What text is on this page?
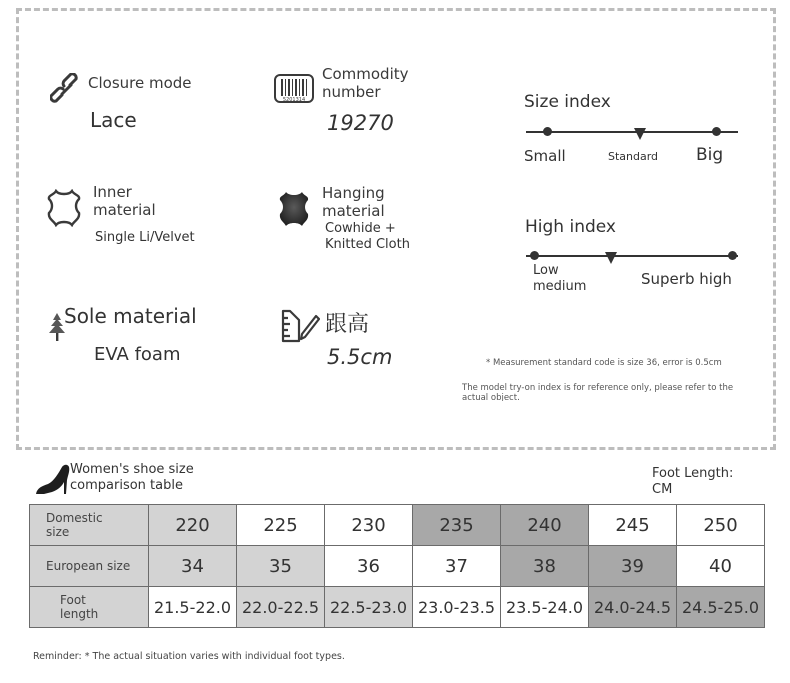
Closure mode
Lace
5201314
Commodity
number
19270
Inner
material
Single Li/Velvet
Hanging
material
Cowhide +
Knitted Cloth
Sole material
EVA foam
跟高
5.5cm
Size index
Small	Standard Big
High index
Low
medium	Superb high
* Measurement standard code is size 36, error is 0.5cm
The model try-on index is for reference only, please refer to the actual object.
Women's shoe size
comparison table
Foot Length:
CM
Domestic
size	220	225	230	235	240	245	250

European size	34	35	36	37	38	39	40

Foot
length	21.5-22.0	22.0-22.5	22.5-23.0	23.0-23.5	23.5-24.0	24.0-24.5	24.5-25.0
Reminder: * The actual situation varies with individual foot types.
